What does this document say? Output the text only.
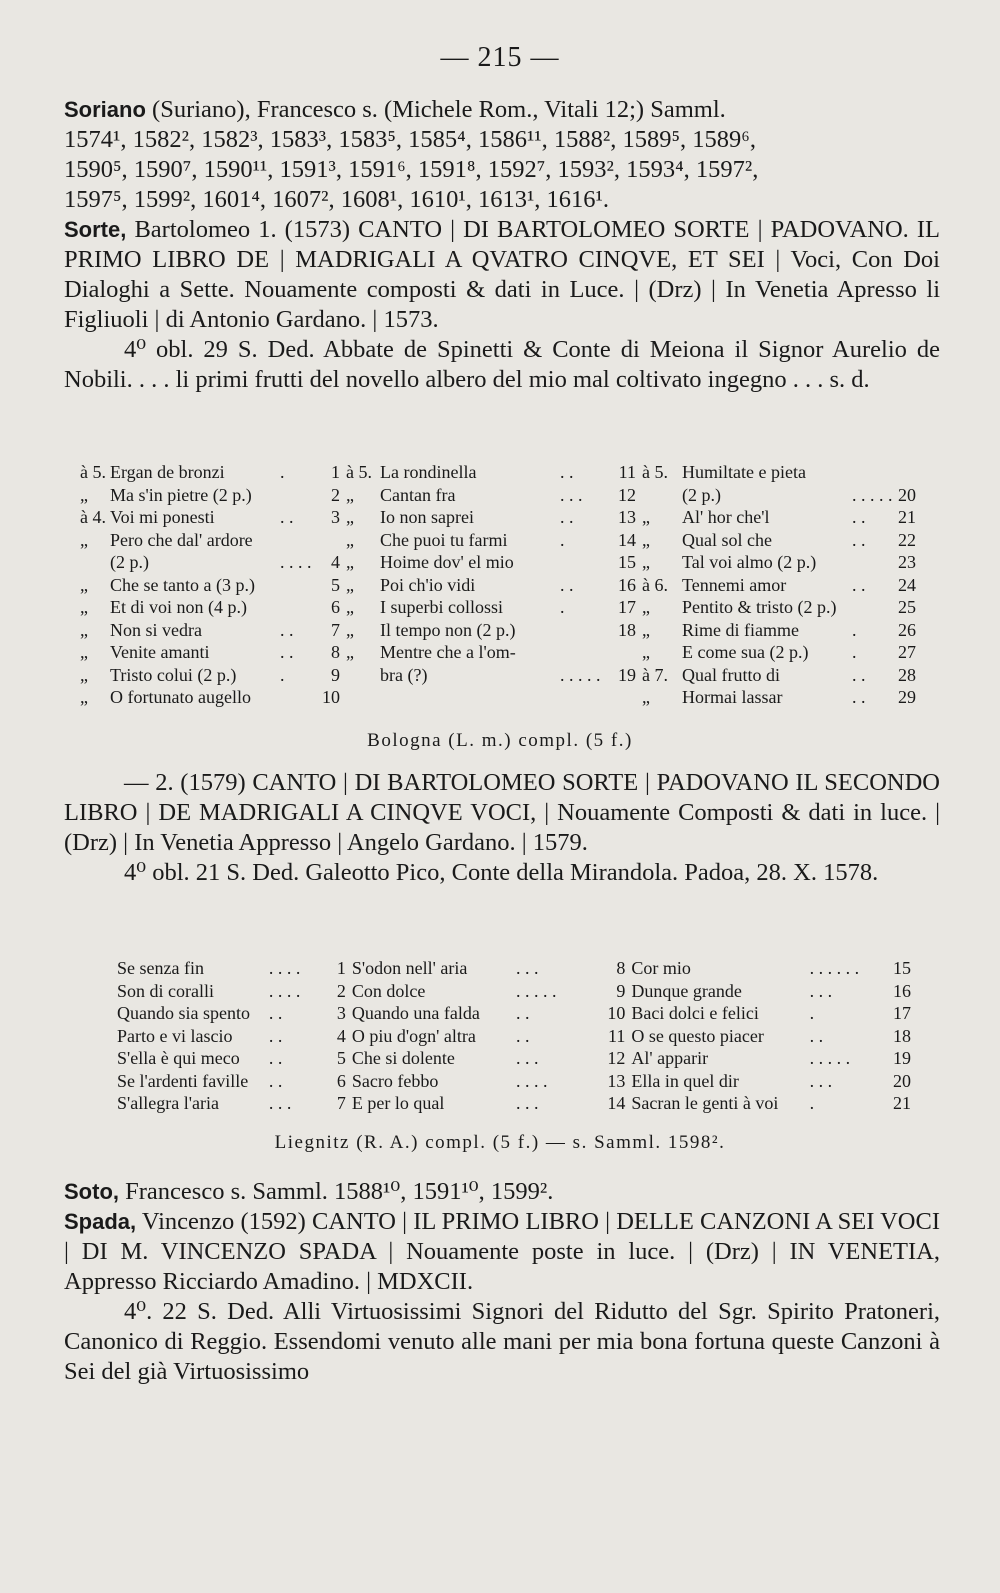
— 215 —

Soriano (Suriano), Francesco s. (Michele Rom., Vitali 12;) Samml.

1574¹, 1582², 1582³, 1583³, 1583⁵, 1585⁴, 1586¹¹, 1588², 1589⁵, 1589⁶,

1590⁵, 1590⁷, 1590¹¹, 1591³, 1591⁶, 1591⁸, 1592⁷, 1593², 1593⁴, 1597²,

1597⁵, 1599², 1601⁴, 1607², 1608¹, 1610¹, 1613¹, 1616¹.

Sorte, Bartolomeo 1. (1573) CANTO | DI BARTOLOMEO SORTE | PADOVANO. IL PRIMO LIBRO DE | MADRIGALI A QVATRO CINQVE, ET SEI | Voci, Con Doi Dialoghi a Sette. Nouamente composti & dati in Luce. | (Drz) | In Venetia Apresso li Figliuoli | di Antonio Gardano. | 1573.

4⁰ obl. 29 S. Ded. Abbate de Spinetti & Conte di Meiona il Signor Aurelio de Nobili. . . . li primi frutti del novello albero del mio mal coltivato ingegno . . . s. d.

à 5.	Ergan de bronzi	.	1	à 5.	La rondinella	. .	11	à 5.	Humiltate e pieta		
„	Ma s'in pietre (2 p.)		2	„	Cantan fra	. . .	12		(2 p.)	. . . . .	20
à 4.	Voi mi ponesti	. .	3	„	Io non saprei	. .	13	„	Al' hor che'l	. .	21
„	Pero che dal' ardore			„	Che puoi tu farmi	.	14	„	Qual sol che	. .	22
	(2 p.)	. . . .	4	„	Hoime dov' el mio		15	„	Tal voi almo (2 p.)		23
„	Che se tanto a (3 p.)		5	„	Poi ch'io vidi	. .	16	à 6.	Tennemi amor	. .	24
„	Et di voi non (4 p.)		6	„	I superbi collossi	.	17	„	Pentito & tristo (2 p.)		25
„	Non si vedra	. .	7	„	Il tempo non (2 p.)		18	„	Rime di fiamme	.	26
„	Venite amanti	. .	8	„	Mentre che a l'om-			„	E come sua (2 p.)	.	27
„	Tristo colui (2 p.)	.	9		bra (?)	. . . . .	19	à 7.	Qual frutto di	. .	28
„	O fortunato augello		10					„	Hormai lassar	. .	29
Bologna (L. m.) compl. (5 f.)

— 2. (1579) CANTO | DI BARTOLOMEO SORTE | PADOVANO IL SECONDO LIBRO | DE MADRIGALI A CINQVE VOCI, | Nouamente Composti & dati in luce. | (Drz) | In Venetia Appresso | Angelo Gardano. | 1579.

4⁰ obl. 21 S. Ded. Galeotto Pico, Conte della Mirandola. Padoa, 28. X. 1578.

Se senza fin	. . . .	1	S'odon nell' aria	. . .	8	Cor mio	. . . . . .	15
Son di coralli	. . . .	2	Con dolce	. . . . .	9	Dunque grande	. . .	16
Quando sia spento	. .	3	Quando una falda	. .	10	Baci dolci e felici	.	17
Parto e vi lascio	. .	4	O piu d'ogn' altra	. .	11	O se questo piacer	. .	18
S'ella è qui meco	. .	5	Che si dolente	. . .	12	Al' apparir	. . . . .	19
Se l'ardenti faville	. .	6	Sacro febbo	. . . .	13	Ella in quel dir	. . .	20
S'allegra l'aria	. . .	7	E per lo qual	. . .	14	Sacran le genti à voi	.	21
Liegnitz (R. A.) compl. (5 f.) — s. Samml. 1598².

Soto, Francesco s. Samml. 1588¹⁰, 1591¹⁰, 1599².

Spada, Vincenzo (1592) CANTO | IL PRIMO LIBRO | DELLE CANZONI A SEI VOCI | DI M. VINCENZO SPADA | Nouamente poste in luce. | (Drz) | IN VENETIA, Appresso Ricciardo Amadino. | MDXCII.

4⁰. 22 S. Ded. Alli Virtuosissimi Signori del Ridutto del Sgr. Spirito Pratoneri, Canonico di Reggio. Essendomi venuto alle mani per mia bona fortuna queste Canzoni à Sei del già Virtuosissimo
